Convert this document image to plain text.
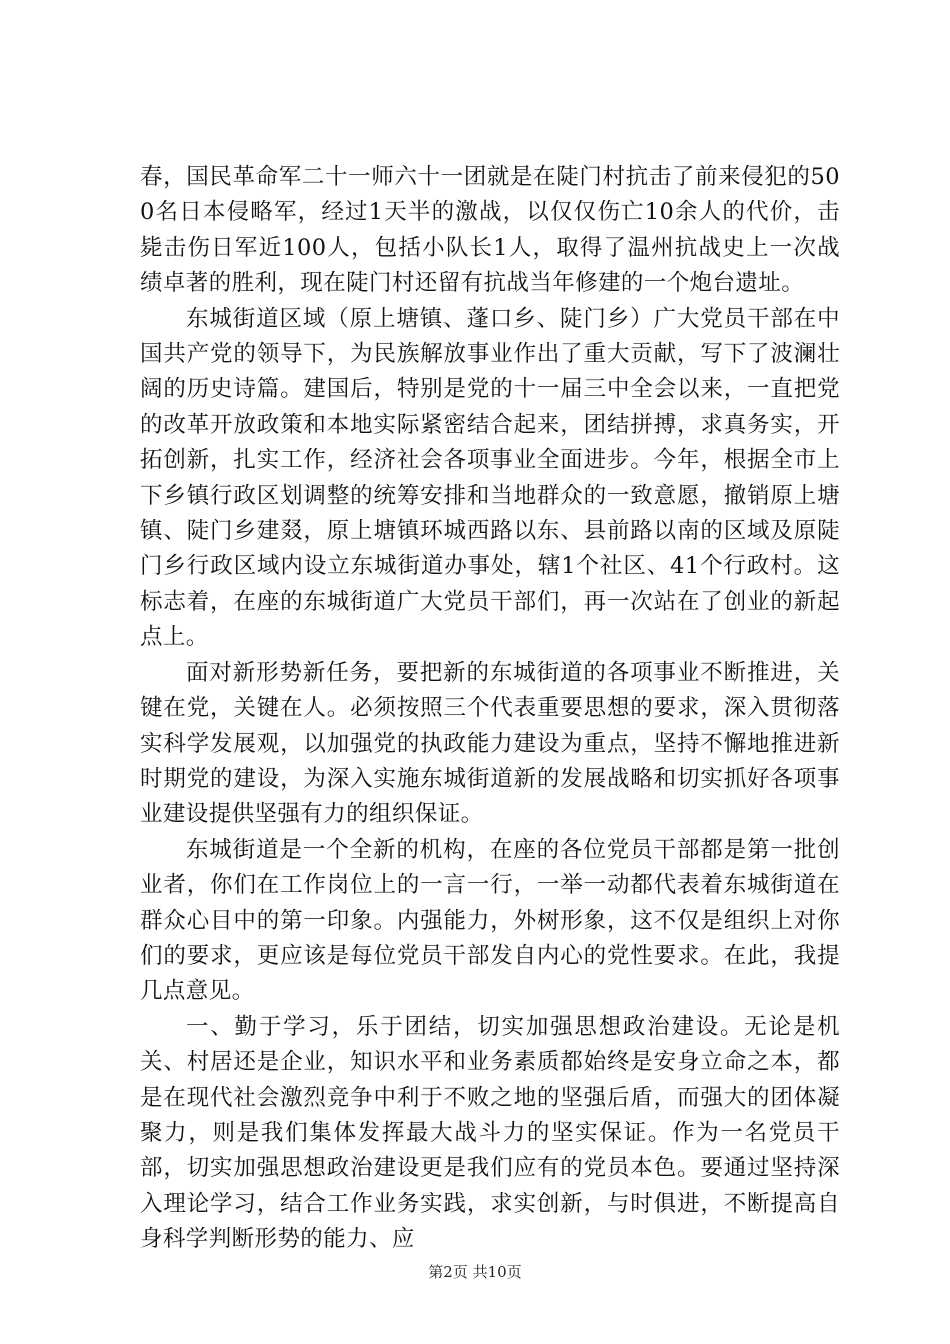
春，国民革命军二十一师六十一团就是在陡门村抗击了前来侵犯的500名日本侵略军，经过1天半的激战，以仅仅伤亡10余人的代价，击毙击伤日军近100人，包括小队长1人，取得了温州抗战史上一次战绩卓著的胜利，现在陡门村还留有抗战当年修建的一个炮台遗址。

东城街道区域（原上塘镇、蓬口乡、陡门乡）广大党员干部在中国共产党的领导下，为民族解放事业作出了重大贡献，写下了波澜壮阔的历史诗篇。建国后，特别是党的十一届三中全会以来，一直把党的改革开放政策和本地实际紧密结合起来，团结拼搏，求真务实，开拓创新，扎实工作，经济社会各项事业全面进步。今年，根据全市上下乡镇行政区划调整的统筹安排和当地群众的一致意愿，撤销原上塘镇、陡门乡建叕，原上塘镇环城西路以东、县前路以南的区域及原陡门乡行政区域内设立东城街道办事处，辖1个社区、41个行政村。这标志着，在座的东城街道广大党员干部们，再一次站在了创业的新起点上。

面对新形势新任务，要把新的东城街道的各项事业不断推进，关键在党，关键在人。必须按照三个代表重要思想的要求，深入贯彻落实科学发展观，以加强党的执政能力建设为重点，坚持不懈地推进新时期党的建设，为深入实施东城街道新的发展战略和切实抓好各项事业建设提供坚强有力的组织保证。

东城街道是一个全新的机构，在座的各位党员干部都是第一批创业者，你们在工作岗位上的一言一行，一举一动都代表着东城街道在群众心目中的第一印象。内强能力，外树形象，这不仅是组织上对你们的要求，更应该是每位党员干部发自内心的党性要求。在此，我提几点意见。

一、勤于学习，乐于团结，切实加强思想政治建设。无论是机关、村居还是企业，知识水平和业务素质都始终是安身立命之本，都是在现代社会激烈竞争中利于不败之地的坚强后盾，而强大的团体凝聚力，则是我们集体发挥最大战斗力的坚实保证。作为一名党员干部，切实加强思想政治建设更是我们应有的党员本色。要通过坚持深入理论学习，结合工作业务实践，求实创新，与时俱进，不断提高自身科学判断形势的能力、应

第2页 共10页
